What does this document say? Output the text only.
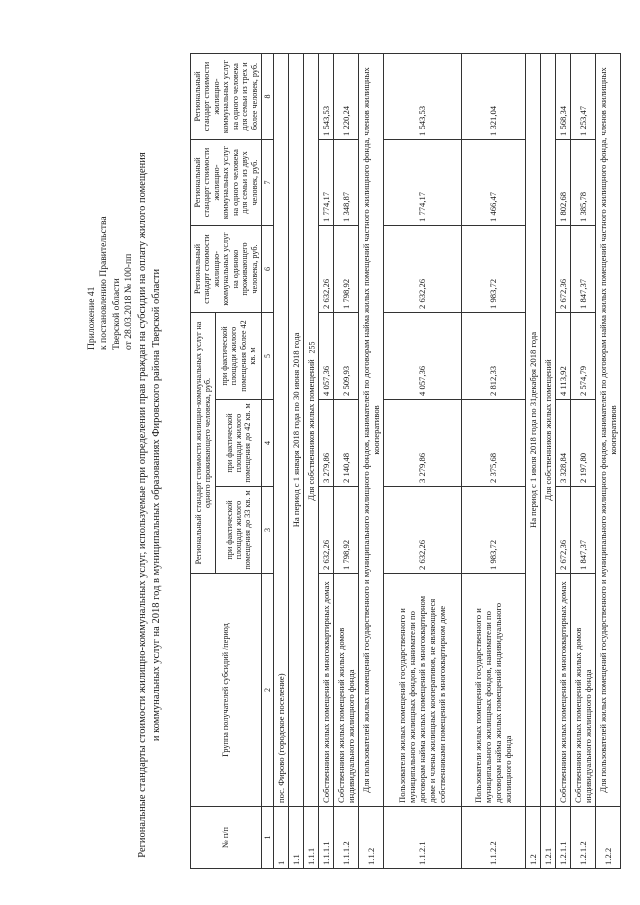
255
Приложение 41 к постановлению Правительства Тверской области от 28.03.2018 № 100-пп Региональные стандарты стоимости жилищно-коммунальных услуг, используемые при определении прав граждан на субсидии на оплату жилого помещения и коммунальных услуг на 2018 год в муниципальных образованиях Фировского района Тверской области
№ п/п	Группа получателей субсидий /период	Региональный стандарт стоимости жилищно-коммунальных услуг на одного проживающего человека, руб.			Региональный стандарт стоимости жилищно-коммунальных услуг на одиноко проживающего человека, руб.	Региональный стандарт стоимости жилищно-коммунальных услуг на одного человека для семьи из двух человек, руб.	Региональный стандарт стоимости жилищно-коммунальных услуг на одного человека для семьи из трех и более человек, руб.
		при фактической площади жилого помещения до 33 кв. м	при фактической площади жилого помещения до 42 кв. м	при фактической площади жилого помещения более 42 кв. м			
1	2	3	4	5	6	7	8
1	пос. Фирово (городское поселение)						
1.1	На период с 1 января 2018 года по 30 июня 2018 года						
1.1.1	Для собственников жилых помещений						
1.1.1.1	Собственники жилых помещений в многоквартирных домах	2 632,26	3 279,86	4 057,36	2 632,26	1 774,17	1 543,53
1.1.1.2	Собственники жилых помещений жилых домов индивидуального жилищного фонда	1 798,92	2 140,48	2 509,93	1 798,92	1 348,87	1 220,24
1.1.2	Для пользователей жилых помещений государственного и муниципального жилищного фондов, нанимателей по договорам найма жилых помещений частного жилищного фонда, членов жилищных кооперативов						
1.1.2.1	Пользователи жилых помещений государственного и муниципального жилищных фондов, наниматели по договорам найма жилых помещений в многоквартирном доме и члены жилищных кооперативов, не являющиеся собственниками помещений в многоквартирном доме	2 632,26	3 279,86	4 057,36	2 632,26	1 774,17	1 543,53
1.1.2.2	Пользователи жилых помещений государственного и муниципального жилищных фондов, наниматели по договорам найма жилых помещений индивидуального жилищного фонда	1 983,72	2 375,68	2 812,33	1 983,72	1 466,47	1 321,04
1.2	На период с 1 июля 2018 года по 31декабря 2018 года						
1.2.1	Для собственников жилых помещений						
1.2.1.1	Собственники жилых помещений в многоквартирных домах	2 672,36	3 328,84	4 113,92	2 672,36	1 802,68	1 568,34
1.2.1.2	Собственники жилых помещений жилых домов индивидуального жилищного фонда	1 847,37	2 197,80	2 574,79	1 847,37	1 385,78	1 253,47
1.2.2	Для пользователей жилых помещений государственного и муниципального жилищного фондов, нанимателей по договорам найма жилых помещений частного жилищного фонда, членов жилищных кооперативов						
